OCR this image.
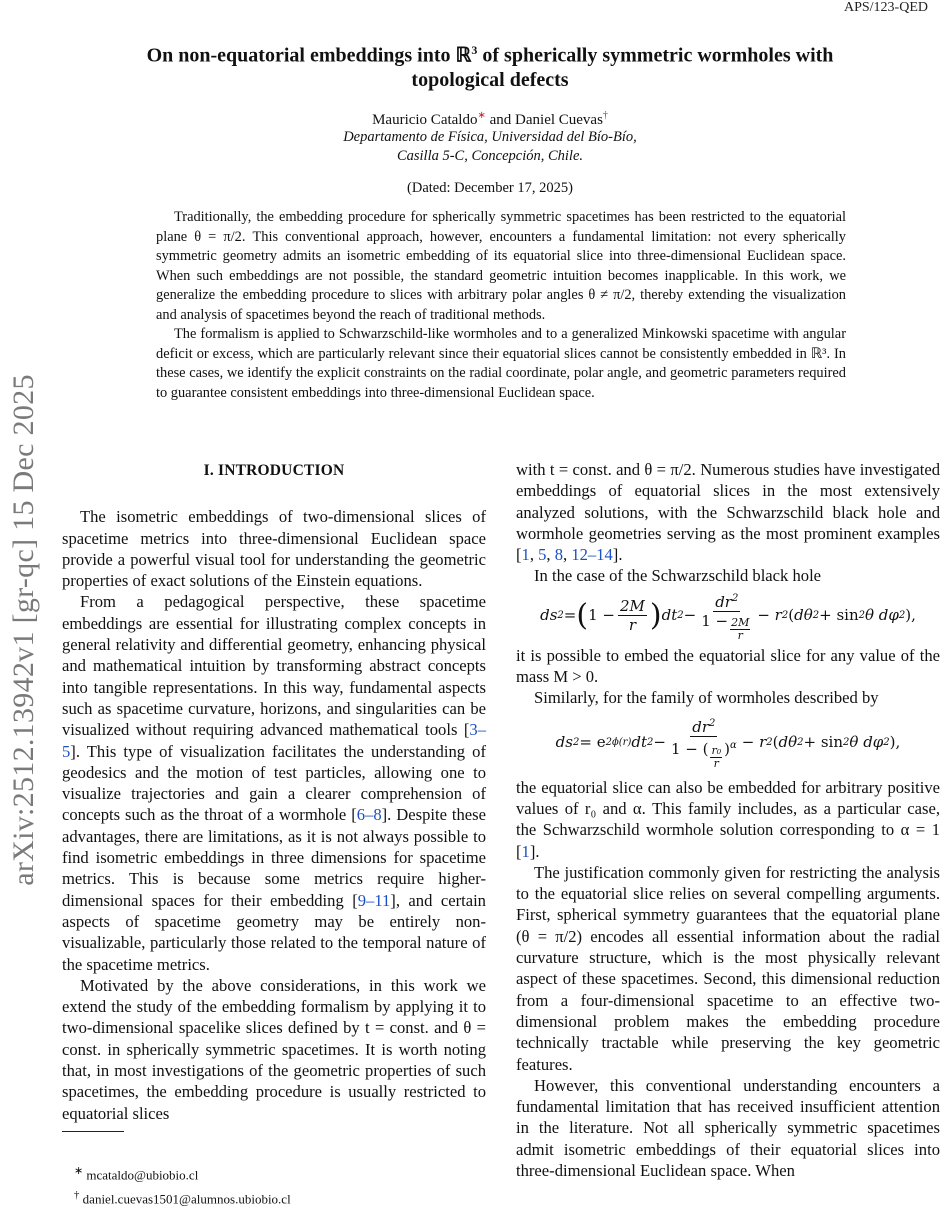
arXiv:2512.13942v1 [gr-qc] 15 Dec 2025
APS/123-QED
On non-equatorial embeddings into ℝ$^3$ of spherically symmetric wormholes with
topological defects
Mauricio Cataldo∗ and Daniel Cuevas†
Departamento de Física, Universidad del Bío-Bío,
Casilla 5-C, Concepción, Chile.
(Dated: December 17, 2025)

Traditionally, the embedding procedure for spherically symmetric spacetimes has been restricted to the equatorial plane θ = π/2. This conventional approach, however, encounters a fundamental limitation: not every spherically symmetric geometry admits an isometric embedding of its equatorial slice into three-dimensional Euclidean space. When such embeddings are not possible, the standard geometric intuition becomes inapplicable. In this work, we generalize the embedding procedure to slices with arbitrary polar angles θ ≠ π/2, thereby extending the visualization and analysis of spacetimes beyond the reach of traditional methods.

The formalism is applied to Schwarzschild-like wormholes and to a generalized Minkowski spacetime with angular deficit or excess, which are particularly relevant since their equatorial slices cannot be consistently embedded in ℝ³. In these cases, we identify the explicit constraints on the radial coordinate, polar angle, and geometric parameters required to guarantee consistent embeddings into three-dimensional Euclidean space.

I. INTRODUCTION

The isometric embeddings of two-dimensional slices of spacetime metrics into three-dimensional Euclidean space provide a powerful visual tool for understanding the geometric properties of exact solutions of the Einstein equations.

From a pedagogical perspective, these spacetime embeddings are essential for illustrating complex concepts in general relativity and differential geometry, enhancing physical and mathematical intuition by transforming abstract concepts into tangible representations. In this way, fundamental aspects such as spacetime curvature, horizons, and singularities can be visualized without requiring advanced mathematical tools [3–5]. This type of visualization facilitates the understanding of geodesics and the motion of test particles, allowing one to visualize trajectories and gain a clearer comprehension of concepts such as the throat of a wormhole [6–8]. Despite these advantages, there are limitations, as it is not always possible to find isometric embeddings in three dimensions for spacetime metrics. This is because some metrics require higher-dimensional spaces for their embedding [9–11], and certain aspects of spacetime geometry may be entirely non-visualizable, particularly those related to the temporal nature of the spacetime metrics.

Motivated by the above considerations, in this work we extend the study of the embedding formalism by applying it to two-dimensional spacelike slices defined by t = const. and θ = const. in spherically symmetric spacetimes. It is worth noting that, in most investigations of the geometric properties of such spacetimes, the embedding procedure is usually restricted to equatorial slices

with t = const. and θ = π/2. Numerous studies have investigated embeddings of equatorial slices in the most extensively analyzed solutions, with the Schwarzschild black hole and wormhole geometries serving as the most prominent examples [1, 5, 8, 12–14].

In the case of the Schwarzschild black hole

ds 2 = ( $1 - \frac{2M}{r}$ ) dt $2 - \frac{dr^2}{1 - \frac{2M}{r}} - r$ 2 ( dθ 2 + sin 2 θ dφ 2 ) ,

it is possible to embed the equatorial slice for any value of the mass M > 0.

Similarly, for the family of wormholes described by

ds 2 = e 2ϕ(r) dt $2 - \frac{dr^2}{1 - ( \frac{\text{r₀}}{r} )^\alpha} - r$ 2 ( dθ 2 + sin 2 θ dφ 2 ) ,

the equatorial slice can also be embedded for arbitrary positive values of r₀ and α. This family includes, as a particular case, the Schwarzschild wormhole solution corresponding to α = 1 [1].

The justification commonly given for restricting the analysis to the equatorial slice relies on several compelling arguments. First, spherical symmetry guarantees that the equatorial plane (θ = π/2) encodes all essential information about the radial curvature structure, which is the most physically relevant aspect of these spacetimes. Second, this dimensional reduction from a four-dimensional spacetime to an effective two-dimensional problem makes the embedding procedure technically tractable while preserving the key geometric features.

However, this conventional understanding encounters a fundamental limitation that has received insufficient attention in the literature. Not all spherically symmetric spacetimes admit isometric embeddings of their equatorial slices into three-dimensional Euclidean space. When

∗ mcataldo@ubiobio.cl
† daniel.cuevas1501@alumnos.ubiobio.cl
